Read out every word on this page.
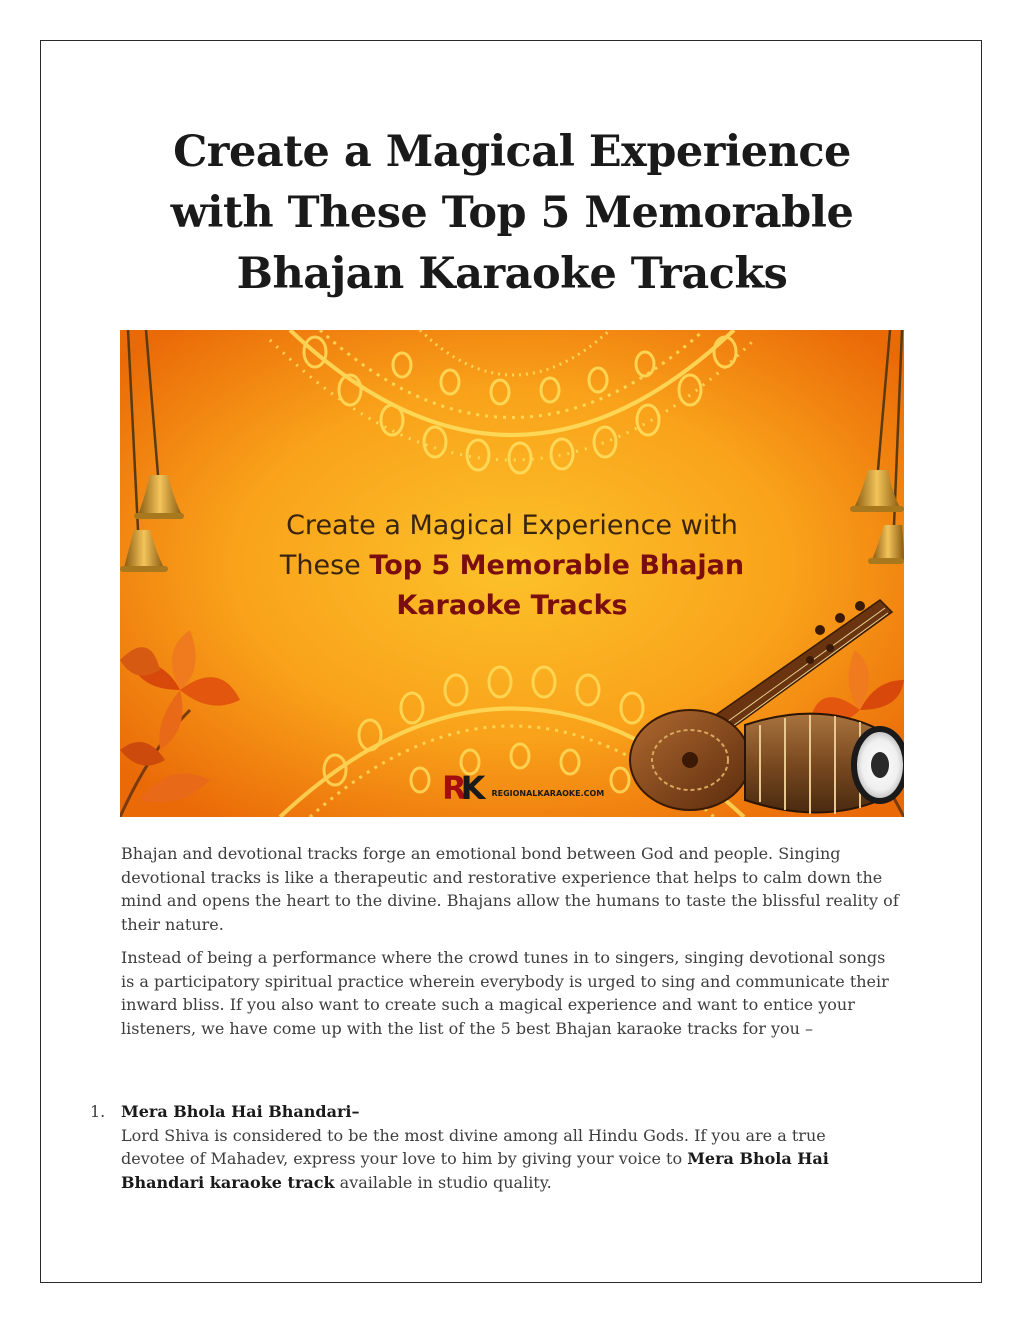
Create a Magical Experience
with These Top 5 Memorable
Bhajan Karaoke Tracks
Create a Magical Experience with
These Top 5 Memorable Bhajan
Karaoke Tracks
RK REGIONALKARAOKE.COM

Bhajan and devotional tracks forge an emotional bond between God and people. Singing devotional tracks is like a therapeutic and restorative experience that helps to calm down the mind and opens the heart to the divine. Bhajans allow the humans to taste the blissful reality of their nature.

Instead of being a performance where the crowd tunes in to singers, singing devotional songs is a participatory spiritual practice wherein everybody is urged to sing and communicate their inward bliss. If you also want to create such a magical experience and want to entice your listeners, we have come up with the list of the 5 best Bhajan karaoke tracks for you –

1. Mera Bhola Hai Bhandari–
Lord Shiva is considered to be the most divine among all Hindu Gods. If you are a true devotee of Mahadev, express your love to him by giving your voice to Mera Bhola Hai Bhandari karaoke track available in studio quality.
